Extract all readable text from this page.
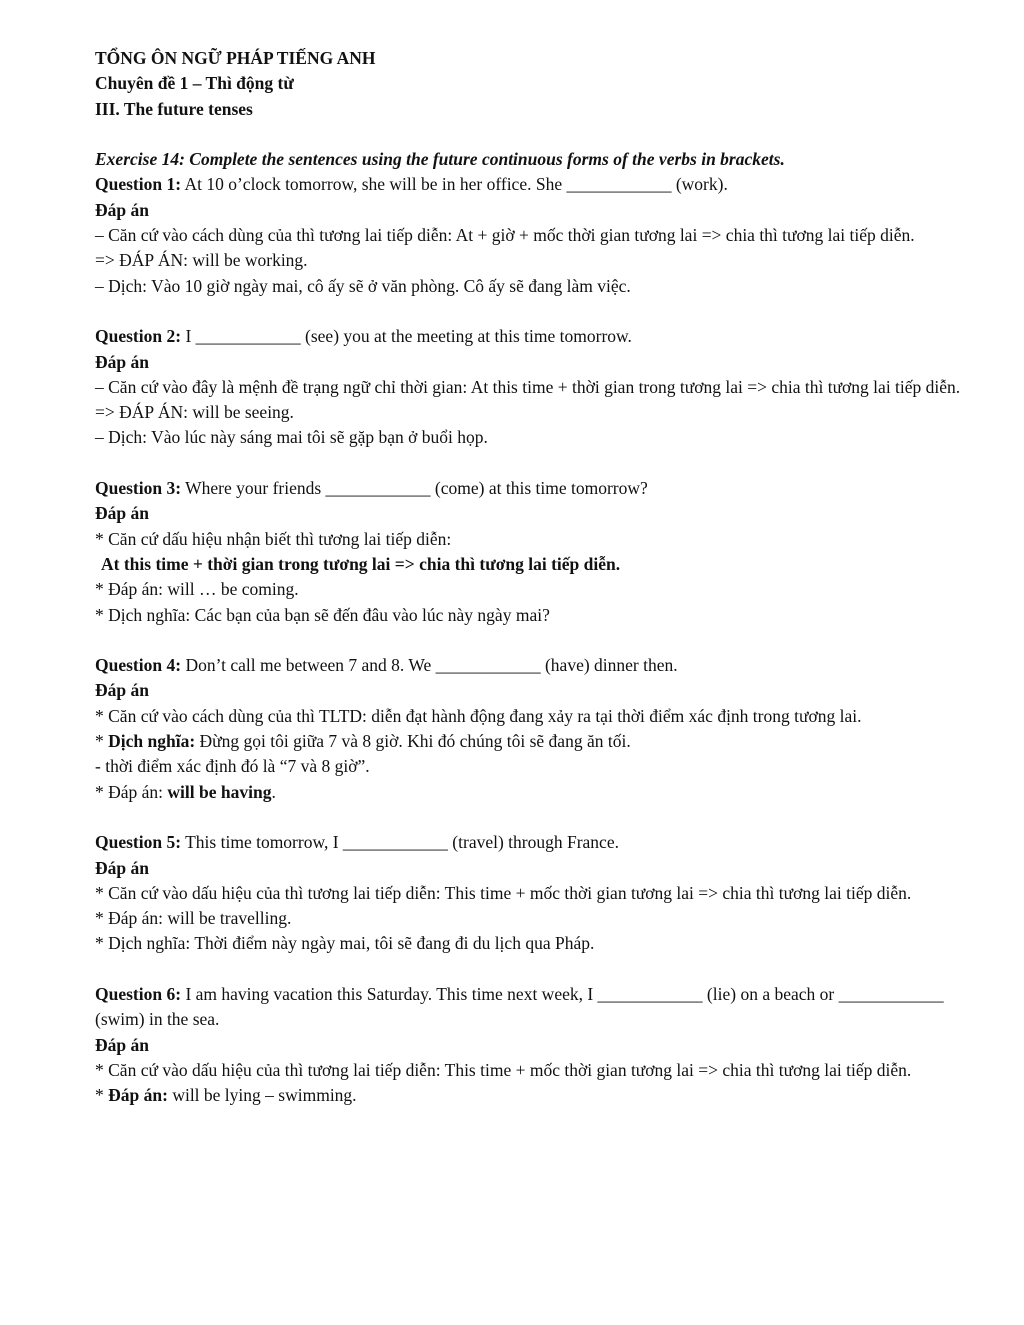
TỔNG ÔN NGỮ PHÁP TIẾNG ANH
Chuyên đề 1 – Thì động từ
III. The future tenses
Exercise 14: Complete the sentences using the future continuous forms of the verbs in brackets.
Question 1: At 10 o’clock tomorrow, she will be in her office. She ____________ (work).
Đáp án
– Căn cứ vào cách dùng của thì tương lai tiếp diễn: At + giờ + mốc thời gian tương lai => chia thì tương lai tiếp diễn.
=> ĐÁP ÁN: will be working.
– Dịch: Vào 10 giờ ngày mai, cô ấy sẽ ở văn phòng. Cô ấy sẽ đang làm việc.
Question 2: I ____________ (see) you at the meeting at this time tomorrow.
Đáp án
– Căn cứ vào đây là mệnh đề trạng ngữ chỉ thời gian: At this time + thời gian trong tương lai => chia thì tương lai tiếp diễn.
=> ĐÁP ÁN: will be seeing.
– Dịch: Vào lúc này sáng mai tôi sẽ gặp bạn ở buổi họp.
Question 3: Where your friends ____________ (come) at this time tomorrow?
Đáp án
* Căn cứ dấu hiệu nhận biết thì tương lai tiếp diễn:
At this time + thời gian trong tương lai => chia thì tương lai tiếp diễn.
* Đáp án: will … be coming.
* Dịch nghĩa: Các bạn của bạn sẽ đến đâu vào lúc này ngày mai?
Question 4: Don’t call me between 7 and 8. We ____________ (have) dinner then.
Đáp án
* Căn cứ vào cách dùng của thì TLTD: diễn đạt hành động đang xảy ra tại thời điểm xác định trong tương lai.
* Dịch nghĩa: Đừng gọi tôi giữa 7 và 8 giờ. Khi đó chúng tôi sẽ đang ăn tối.
- thời điểm xác định đó là “7 và 8 giờ”.
* Đáp án: will be having.
Question 5: This time tomorrow, I ____________ (travel) through France.
Đáp án
* Căn cứ vào dấu hiệu của thì tương lai tiếp diễn: This time + mốc thời gian tương lai => chia thì tương lai tiếp diễn.
* Đáp án: will be travelling.
* Dịch nghĩa: Thời điểm này ngày mai, tôi sẽ đang đi du lịch qua Pháp.
Question 6: I am having vacation this Saturday. This time next week, I ____________ (lie) on a beach or ____________ (swim) in the sea.
Đáp án
* Căn cứ vào dấu hiệu của thì tương lai tiếp diễn: This time + mốc thời gian tương lai => chia thì tương lai tiếp diễn.
* Đáp án: will be lying – swimming.
